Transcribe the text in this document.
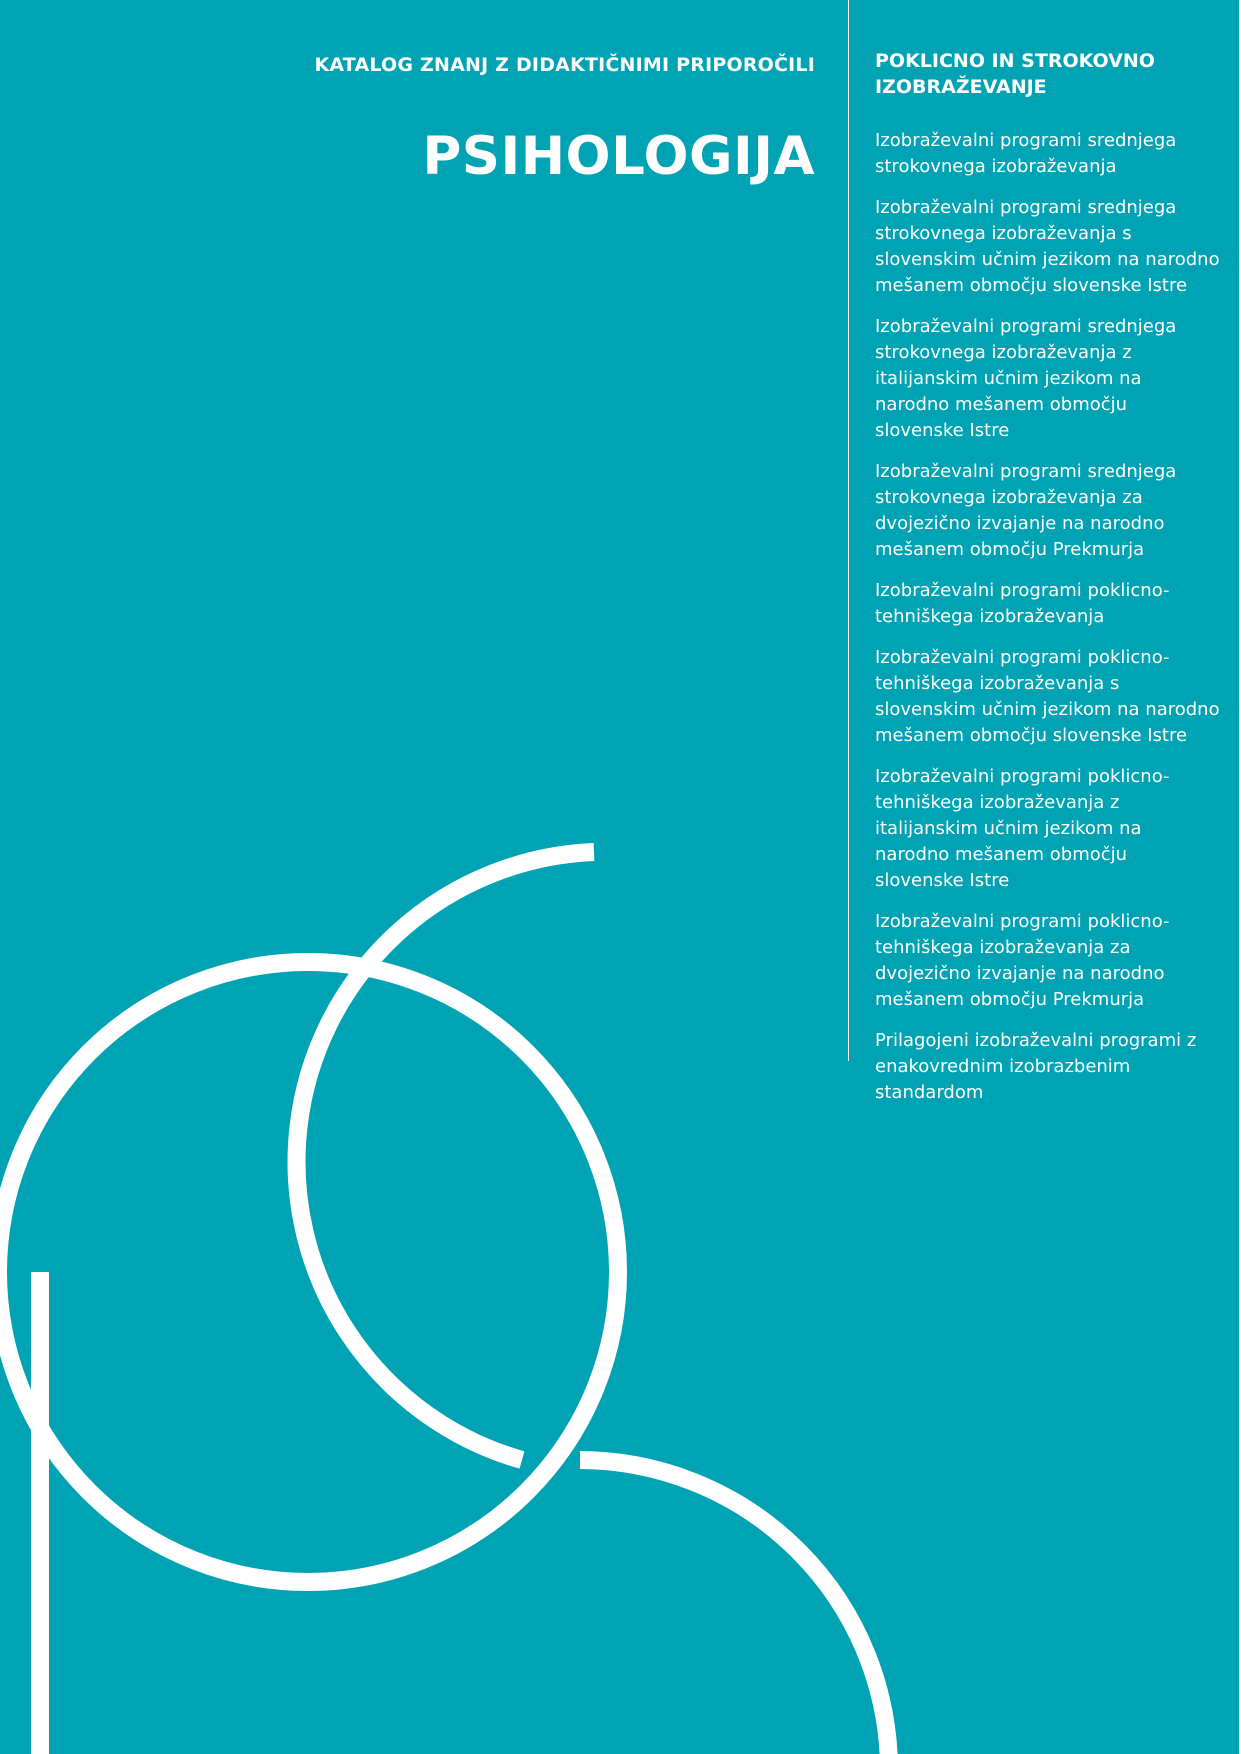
KATALOG ZNANJ Z DIDAKTIČNIMI PRIPOROČILI
PSIHOLOGIJA
POKLICNO IN STROKOVNO
IZOBRAŽEVANJE
Izobraževalni programi srednjega strokovnega izobraževanja
Izobraževalni programi srednjega strokovnega izobraževanja s slovenskim učnim jezikom na narodno mešanem območju slovenske Istre
Izobraževalni programi srednjega strokovnega izobraževanja z italijanskim učnim jezikom na narodno mešanem območju slovenske Istre
Izobraževalni programi srednjega strokovnega izobraževanja za dvojezično izvajanje na narodno mešanem območju Prekmurja
Izobraževalni programi poklicno-tehniškega izobraževanja
Izobraževalni programi poklicno-tehniškega izobraževanja s slovenskim učnim jezikom na narodno mešanem območju slovenske Istre
Izobraževalni programi poklicno-tehniškega izobraževanja z italijanskim učnim jezikom na narodno mešanem območju slovenske Istre
Izobraževalni programi poklicno-tehniškega izobraževanja za dvojezično izvajanje na narodno mešanem območju Prekmurja
Prilagojeni izobraževalni programi z enakovrednim izobrazbenim standardom
